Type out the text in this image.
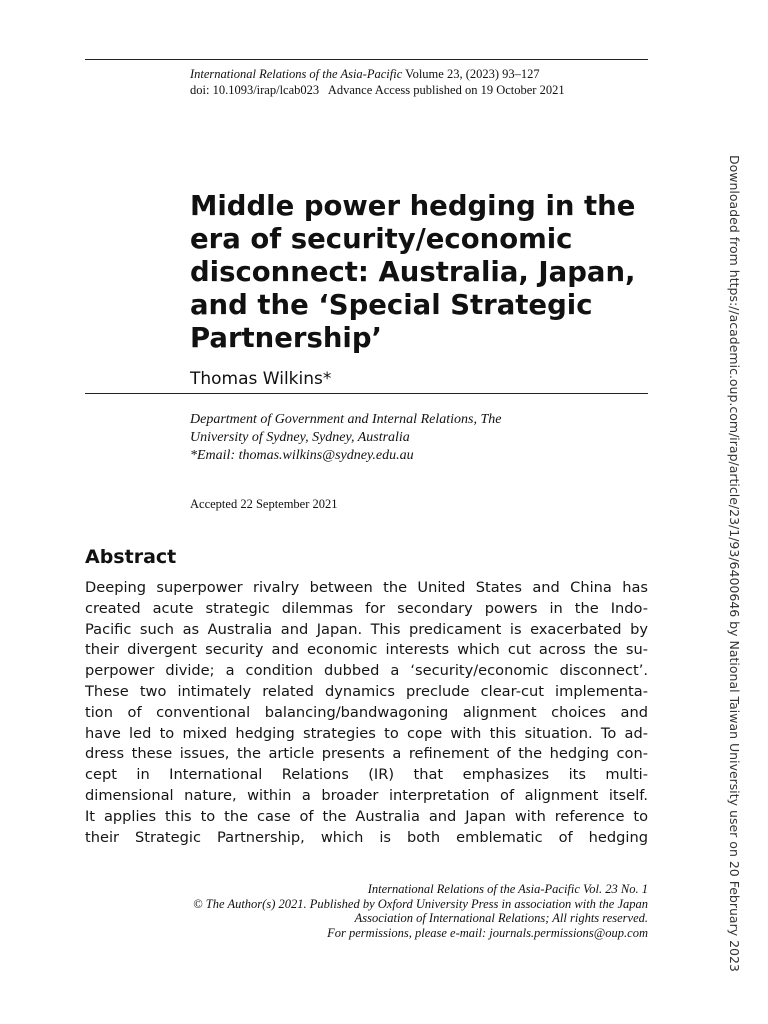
International Relations of the Asia-Pacific Volume 23, (2023) 93–127
doi: 10.1093/irap/lcab023 Advance Access published on 19 October 2021
Middle power hedging in the
era of security/economic
disconnect: Australia, Japan,
and the ‘Special Strategic
Partnership’
Thomas Wilkins*
Department of Government and Internal Relations, The
University of Sydney, Sydney, Australia
*Email: thomas.wilkins@sydney.edu.au
Accepted 22 September 2021
Abstract
Deeping superpower rivalry between the United States and China has
created acute strategic dilemmas for secondary powers in the Indo-
Pacific such as Australia and Japan. This predicament is exacerbated by
their divergent security and economic interests which cut across the su-
perpower divide; a condition dubbed a ‘security/economic disconnect’.
These two intimately related dynamics preclude clear-cut implementa-
tion of conventional balancing/bandwagoning alignment choices and
have led to mixed hedging strategies to cope with this situation. To ad-
dress these issues, the article presents a refinement of the hedging con-
cept in International Relations (IR) that emphasizes its multi-
dimensional nature, within a broader interpretation of alignment itself.
It applies this to the case of the Australia and Japan with reference to
their Strategic Partnership, which is both emblematic of hedging
International Relations of the Asia-Pacific Vol. 23 No. 1
© The Author(s) 2021. Published by Oxford University Press in association with the Japan
Association of International Relations; All rights reserved.
For permissions, please e-mail: journals.permissions@oup.com	Downloaded from https://academic.oup.com/irap/article/23/1/93/6400646 by National Taiwan University user on 20 February 2023
